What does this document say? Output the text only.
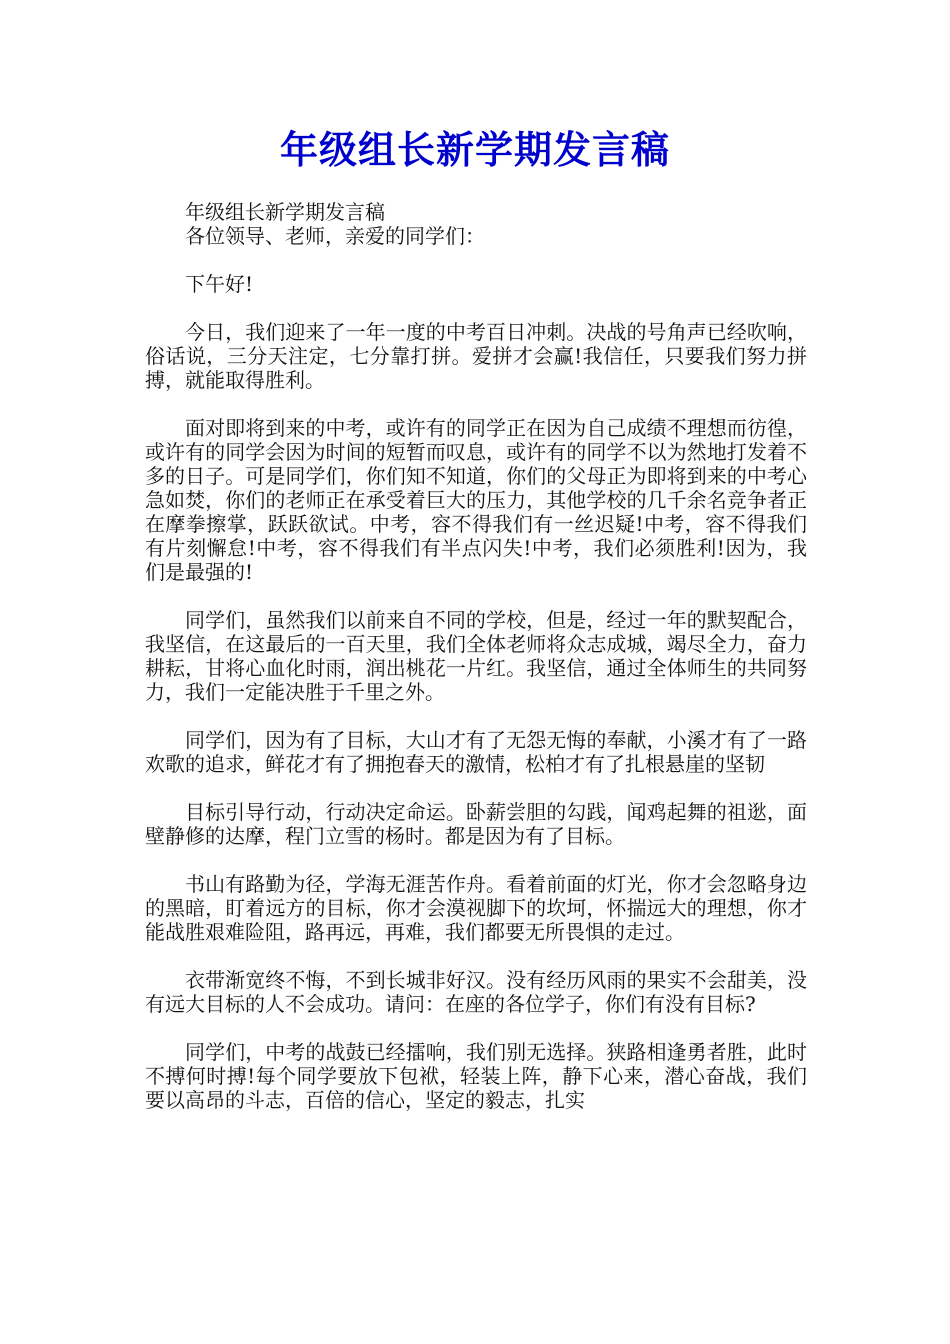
年级组长新学期发言稿

年级组长新学期发言稿

各位领导、老师，亲爱的同学们：

下午好!

今日，我们迎来了一年一度的中考百日冲刺。决战的号角声已经吹响，俗话说，三分天注定，七分靠打拼。爱拼才会赢!我信任，只要我们努力拼搏，就能取得胜利。

面对即将到来的中考，或许有的同学正在因为自己成绩不理想而彷徨，或许有的同学会因为时间的短暂而叹息，或许有的同学不以为然地打发着不多的日子。可是同学们，你们知不知道，你们的父母正为即将到来的中考心急如焚，你们的老师正在承受着巨大的压力，其他学校的几千余名竞争者正在摩拳擦掌，跃跃欲试。中考，容不得我们有一丝迟疑!中考，容不得我们有片刻懈怠!中考，容不得我们有半点闪失!中考，我们必须胜利!因为，我们是最强的!

同学们，虽然我们以前来自不同的学校，但是，经过一年的默契配合，我坚信，在这最后的一百天里，我们全体老师将众志成城，竭尽全力，奋力耕耘，甘将心血化时雨，润出桃花一片红。我坚信，通过全体师生的共同努力，我们一定能决胜于千里之外。

同学们，因为有了目标，大山才有了无怨无悔的奉献，小溪才有了一路欢歌的追求，鲜花才有了拥抱春天的激情，松柏才有了扎根悬崖的坚韧

目标引导行动，行动决定命运。卧薪尝胆的勾践，闻鸡起舞的祖逖，面壁静修的达摩，程门立雪的杨时。都是因为有了目标。

书山有路勤为径，学海无涯苦作舟。看着前面的灯光，你才会忽略身边的黑暗，盯着远方的目标，你才会漠视脚下的坎坷，怀揣远大的理想，你才能战胜艰难险阻，路再远，再难，我们都要无所畏惧的走过。

衣带渐宽终不悔，不到长城非好汉。没有经历风雨的果实不会甜美，没有远大目标的人不会成功。请问：在座的各位学子，你们有没有目标?

同学们，中考的战鼓已经擂响，我们别无选择。狭路相逢勇者胜，此时不搏何时搏!每个同学要放下包袱，轻装上阵，静下心来，潜心奋战，我们要以高昂的斗志，百倍的信心，坚定的毅志，扎实
